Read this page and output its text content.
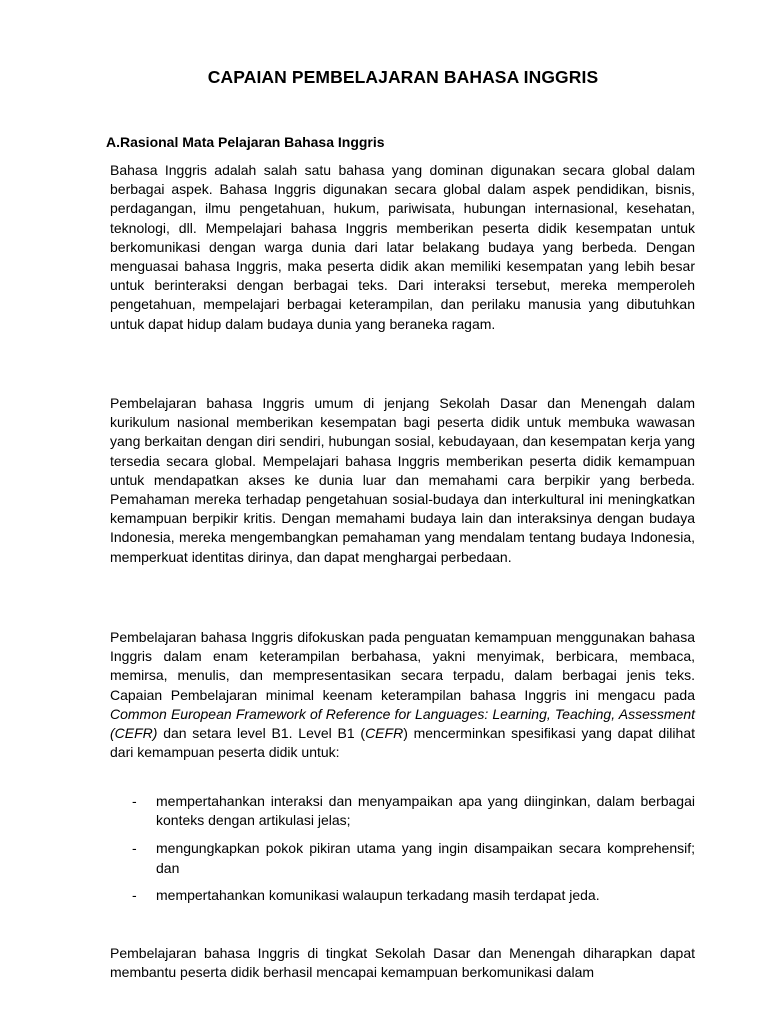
CAPAIAN PEMBELAJARAN BAHASA INGGRIS
A.Rasional Mata Pelajaran Bahasa Inggris

Bahasa Inggris adalah salah satu bahasa yang dominan digunakan secara global dalam berbagai aspek. Bahasa Inggris digunakan secara global dalam aspek pendidikan, bisnis, perdagangan, ilmu pengetahuan, hukum, pariwisata, hubungan internasional, kesehatan, teknologi, dll. Mempelajari bahasa Inggris memberikan peserta didik kesempatan untuk berkomunikasi dengan warga dunia dari latar belakang budaya yang berbeda. Dengan menguasai bahasa Inggris, maka peserta didik akan memiliki kesempatan yang lebih besar untuk berinteraksi dengan berbagai teks. Dari interaksi tersebut, mereka memperoleh pengetahuan, mempelajari berbagai keterampilan, dan perilaku manusia yang dibutuhkan untuk dapat hidup dalam budaya dunia yang beraneka ragam.

Pembelajaran bahasa Inggris umum di jenjang Sekolah Dasar dan Menengah dalam kurikulum nasional memberikan kesempatan bagi peserta didik untuk membuka wawasan yang berkaitan dengan diri sendiri, hubungan sosial, kebudayaan, dan kesempatan kerja yang tersedia secara global. Mempelajari bahasa Inggris memberikan peserta didik kemampuan untuk mendapatkan akses ke dunia luar dan memahami cara berpikir yang berbeda. Pemahaman mereka terhadap pengetahuan sosial-budaya dan interkultural ini meningkatkan kemampuan berpikir kritis. Dengan memahami budaya lain dan interaksinya dengan budaya Indonesia, mereka mengembangkan pemahaman yang mendalam tentang budaya Indonesia, memperkuat identitas dirinya, dan dapat menghargai perbedaan.

Pembelajaran bahasa Inggris difokuskan pada penguatan kemampuan menggunakan bahasa Inggris dalam enam keterampilan berbahasa, yakni menyimak, berbicara, membaca, memirsa, menulis, dan mempresentasikan secara terpadu, dalam berbagai jenis teks. Capaian Pembelajaran minimal keenam keterampilan bahasa Inggris ini mengacu pada Common European Framework of Reference for Languages: Learning, Teaching, Assessment (CEFR) dan setara level B1. Level B1 (CEFR) mencerminkan spesifikasi yang dapat dilihat dari kemampuan peserta didik untuk:

- mempertahankan interaksi dan menyampaikan apa yang diinginkan, dalam berbagai konteks dengan artikulasi jelas;
- mengungkapkan pokok pikiran utama yang ingin disampaikan secara komprehensif; dan
- mempertahankan komunikasi walaupun terkadang masih terdapat jeda.

Pembelajaran bahasa Inggris di tingkat Sekolah Dasar dan Menengah diharapkan dapat membantu peserta didik berhasil mencapai kemampuan berkomunikasi dalam
